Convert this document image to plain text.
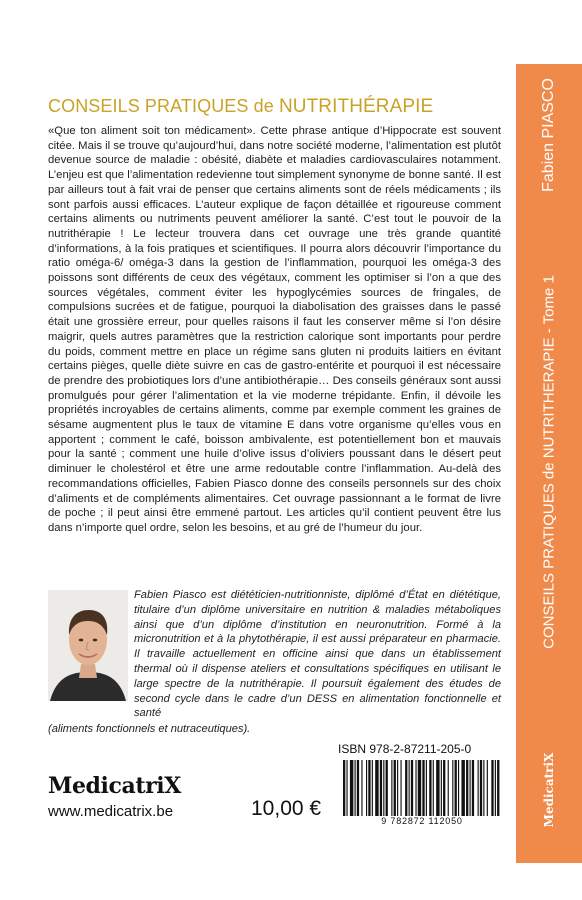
CONSEILS PRATIQUES de NUTRITHÉRAPIE
«Que ton aliment soit ton médicament». Cette phrase antique d’Hippocrate est souvent citée. Mais il se trouve qu’aujourd’hui, dans notre société moderne, l’alimentation est plutôt devenue source de maladie : obésité, diabète et maladies cardiovasculaires notamment. L’enjeu est que l’alimentation redevienne tout simplement synonyme de bonne santé. Il est par ailleurs tout à fait vrai de penser que certains aliments sont de réels médicaments ; ils sont parfois aussi efficaces. L’auteur explique de façon détaillée et rigoureuse comment certains aliments ou nutriments peuvent améliorer la santé. C’est tout le pouvoir de la nutrithérapie ! Le lecteur trouvera dans cet ouvrage une très grande quantité d’informations, à la fois pratiques et scientifiques. Il pourra alors découvrir l’importance du ratio oméga-6/ oméga-3 dans la gestion de l’inflammation, pourquoi les oméga-3 des poissons sont différents de ceux des végétaux, comment les optimiser si l’on a que des sources végétales, comment éviter les hypoglycémies sources de fringales, de compulsions sucrées et de fatigue, pourquoi la diabolisation des graisses dans le passé était une grossière erreur, pour quelles raisons il faut les conserver même si l’on désire maigrir, quels autres paramètres que la restriction calorique sont importants pour perdre du poids, comment mettre en place un régime sans gluten ni produits laitiers en évitant certains pièges, quelle diète suivre en cas de gastro-entérite et pourquoi il est nécessaire de prendre des probiotiques lors d’une antibiothérapie… Des conseils généraux sont aussi promulgués pour gérer l’alimentation et la vie moderne trépidante. Enfin, il dévoile les propriétés incroyables de certains aliments, comme par exemple comment les graines de sésame augmentent plus le taux de vitamine E dans votre organisme qu’elles vous en apportent ; comment le café, boisson ambivalente, est potentiellement bon et mauvais pour la santé ; comment une huile d’olive issus d’oliviers poussant dans le désert peut diminuer le cholestérol et être une arme redoutable contre l’inflammation. Au-delà des recommandations officielles, Fabien Piasco donne des conseils personnels sur des choix d’aliments et de compléments alimentaires. Cet ouvrage passionnant a le format de livre de poche ; il peut ainsi être emmené partout. Les articles qu’il contient peuvent être lus dans n’importe quel ordre, selon les besoins, et au gré de l’humeur du jour.
Fabien Piasco est diététicien-nutritionniste, diplômé d’État en diététique, titulaire d’un diplôme universitaire en nutrition & maladies métaboliques ainsi que d’un diplôme d’institution en neuronutrition. Formé à la micronutrition et à la phytothérapie, il est aussi préparateur en pharmacie. Il travaille actuellement en officine ainsi que dans un établissement thermal où il dispense ateliers et consultations spécifiques en utilisant le large spectre de la nutrithérapie. Il poursuit également des études de second cycle dans le cadre d’un DESS en alimentation fonctionnelle et santé
(aliments fonctionnels et nutraceutiques).
ISBN 978-2-87211-205-0
9 782872 112050
MedicatriX
www.medicatrix.be	10,00 €
Fabien PIASCO
CONSEILS PRATIQUES de NUTRITHERAPIE - Tome 1
MedicatriX
